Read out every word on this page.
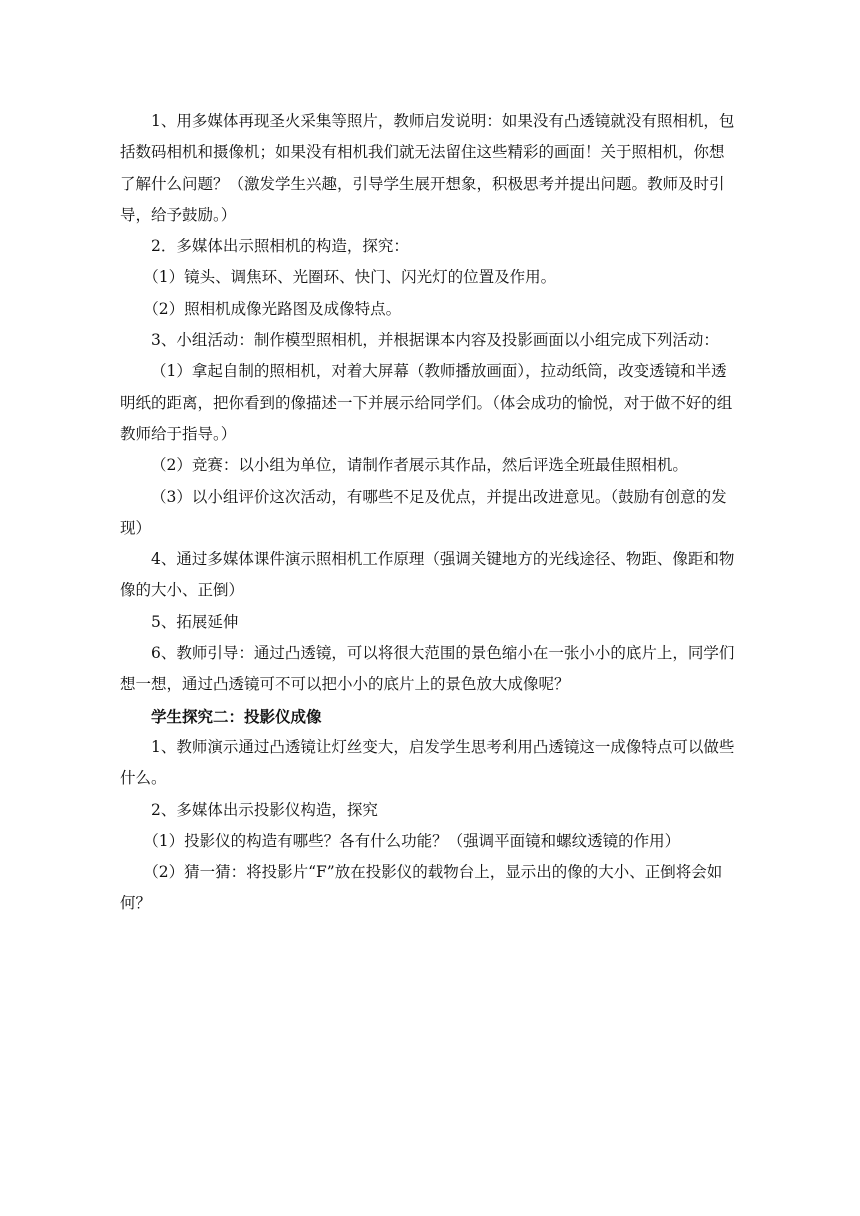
1、用多媒体再现圣火采集等照片，教师启发说明：如果没有凸透镜就没有照相机，包括数码相机和摄像机；如果没有相机我们就无法留住这些精彩的画面！关于照相机，你想了解什么问题？（激发学生兴趣，引导学生展开想象，积极思考并提出问题。教师及时引导，给予鼓励。）

2．多媒体出示照相机的构造，探究：

（1）镜头、调焦环、光圈环、快门、闪光灯的位置及作用。

（2）照相机成像光路图及成像特点。

3、小组活动：制作模型照相机，并根据课本内容及投影画面以小组完成下列活动：

（1）拿起自制的照相机，对着大屏幕（教师播放画面），拉动纸筒，改变透镜和半透明纸的距离，把你看到的像描述一下并展示给同学们。（体会成功的愉悦，对于做不好的组教师给于指导。）

（2）竞赛：以小组为单位，请制作者展示其作品，然后评选全班最佳照相机。

（3）以小组评价这次活动，有哪些不足及优点，并提出改进意见。（鼓励有创意的发现）

4、通过多媒体课件演示照相机工作原理（强调关键地方的光线途径、物距、像距和物像的大小、正倒）

5、拓展延伸

6、教师引导：通过凸透镜，可以将很大范围的景色缩小在一张小小的底片上，同学们想一想，通过凸透镜可不可以把小小的底片上的景色放大成像呢？

学生探究二：投影仪成像

1、教师演示通过凸透镜让灯丝变大，启发学生思考利用凸透镜这一成像特点可以做些什么。

2、多媒体出示投影仪构造，探究

（1）投影仪的构造有哪些？各有什么功能？（强调平面镜和螺纹透镜的作用）

（2）猜一猜：将投影片“F”放在投影仪的载物台上，显示出的像的大小、正倒将会如何？
